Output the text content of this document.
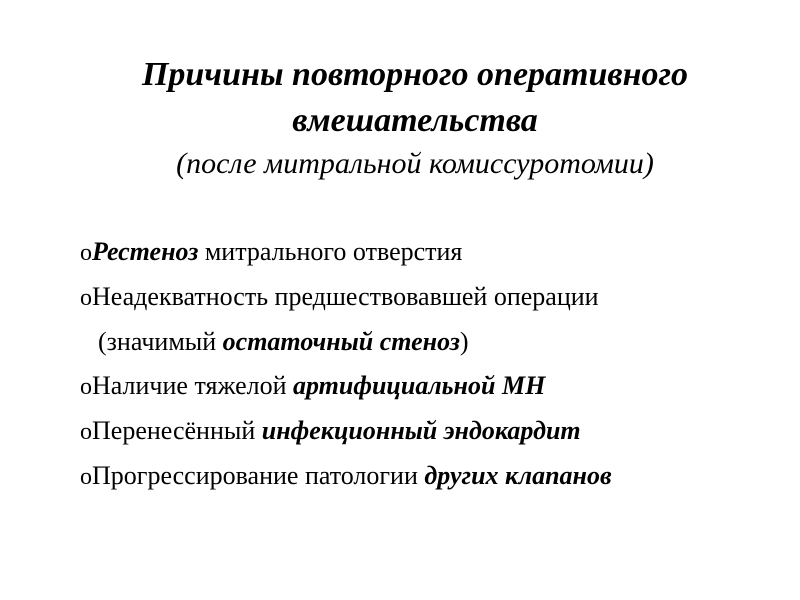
Причины повторного оперативного
вмешательства
(после митральной комиссуротомии)
oРестеноз митрального отверстия
oНеадекватность предшествовавшей операции
(значимый остаточный стеноз)
oНаличие тяжелой артифициальной МН
oПеренесённый инфекционный эндокардит
oПрогрессирование патологии других клапанов
